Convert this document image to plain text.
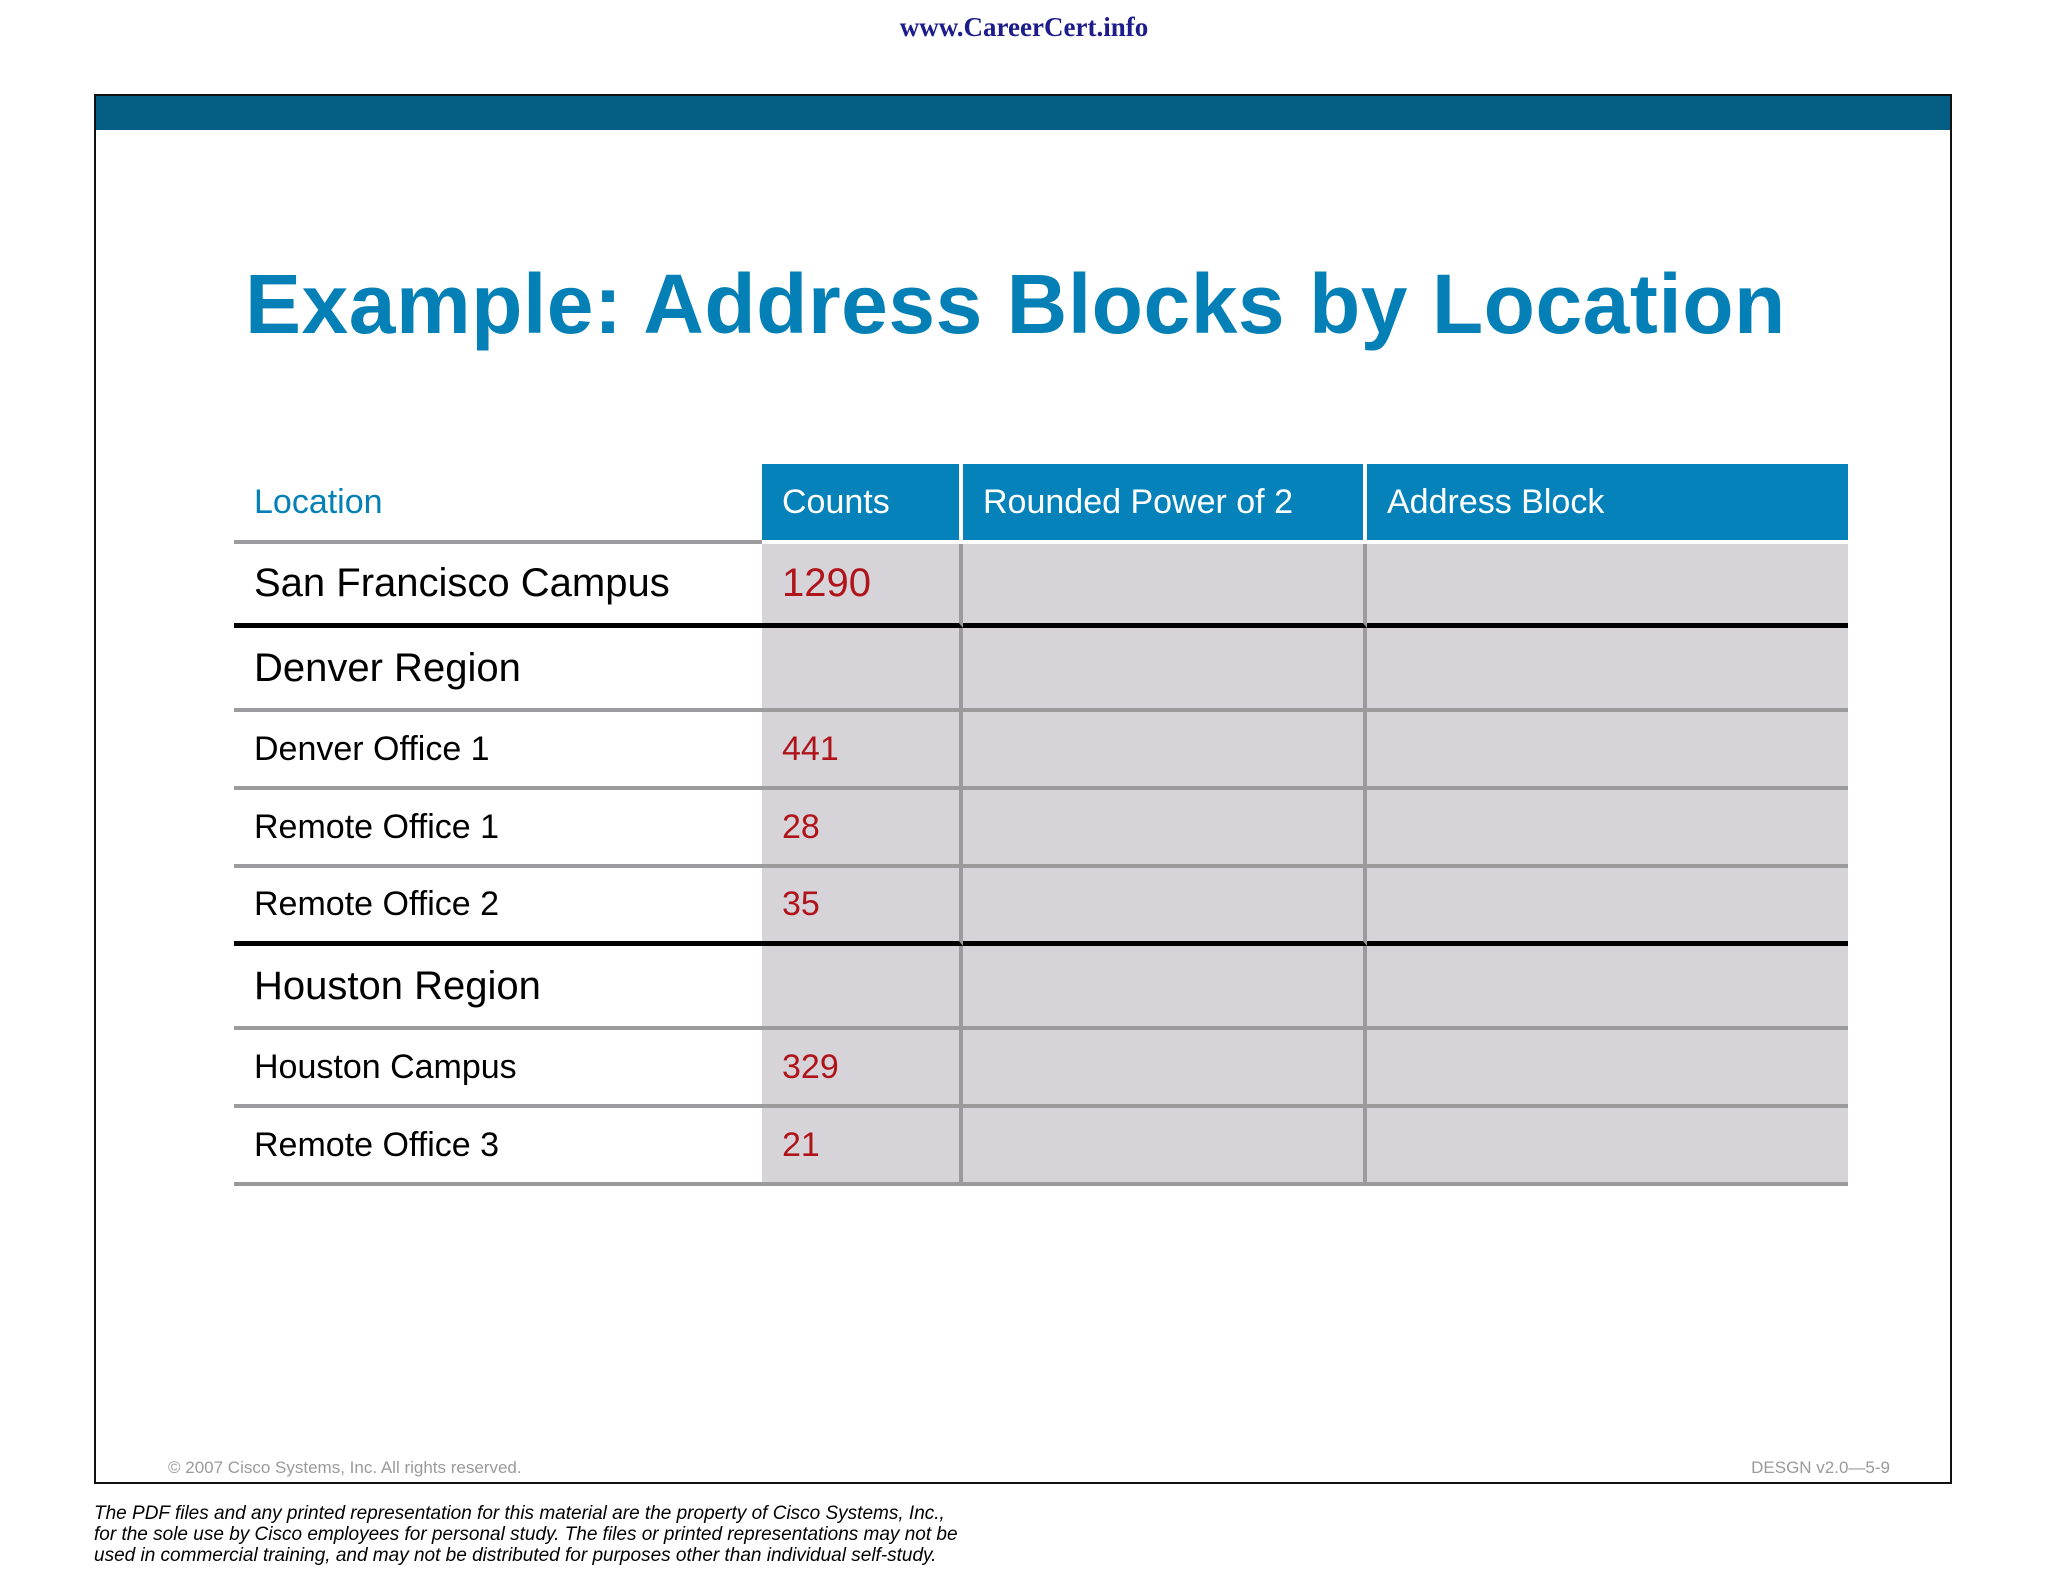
www.CareerCert.info
Example: Address Blocks by Location
Location	Counts	Rounded Power of 2	Address Block
San Francisco Campus	1290
Denver Region
Denver Office 1	441
Remote Office 1	28
Remote Office 2	35
Houston Region
Houston Campus	329
Remote Office 3	21
© 2007 Cisco Systems, Inc. All rights reserved.	DESGN v2.0—5-9
The PDF files and any printed representation for this material are the property of Cisco Systems, Inc.,
for the sole use by Cisco employees for personal study. The files or printed representations may not be
used in commercial training, and may not be distributed for purposes other than individual self-study.
